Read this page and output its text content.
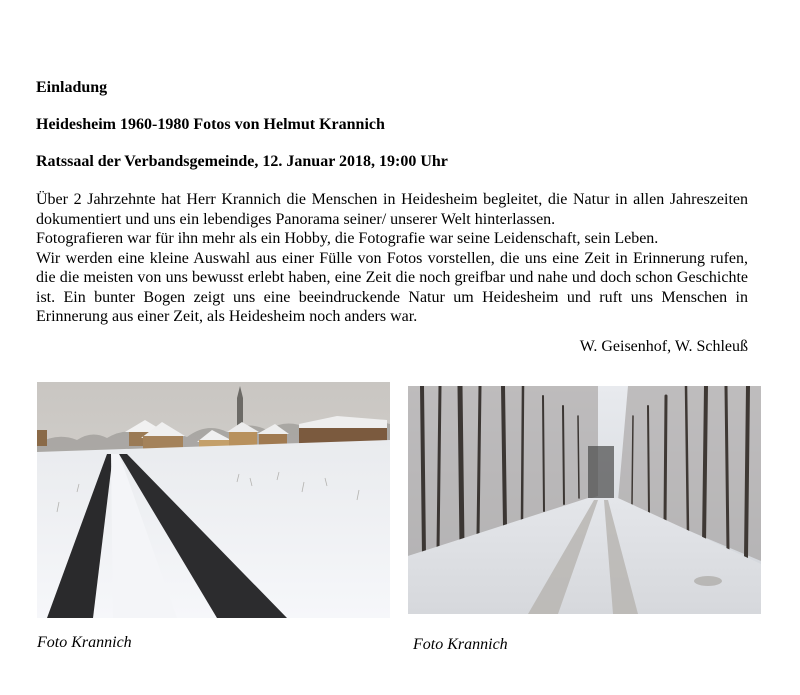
Einladung
Heidesheim 1960-1980 Fotos von Helmut Krannich
Ratssaal der Verbandsgemeinde, 12. Januar 2018, 19:00 Uhr

Über 2 Jahrzehnte hat Herr Krannich die Menschen in Heidesheim begleitet, die Natur in allen Jahreszeiten dokumentiert und uns ein lebendiges Panorama seiner/ unserer Welt hinterlassen.

Fotografieren war für ihn mehr als ein Hobby, die Fotografie war seine Leidenschaft, sein Leben.

Wir werden eine kleine Auswahl aus einer Fülle von Fotos vorstellen, die uns eine Zeit in Erinnerung rufen, die die meisten von uns bewusst erlebt haben, eine Zeit die noch greifbar und nahe und doch schon Geschichte ist. Ein bunter Bogen zeigt uns eine beeindruckende Natur um Heidesheim und ruft uns Menschen in Erinnerung aus einer Zeit, als Heidesheim noch anders war.

W. Geisenhof, W. Schleuß

Foto Krannich	Foto Krannich
